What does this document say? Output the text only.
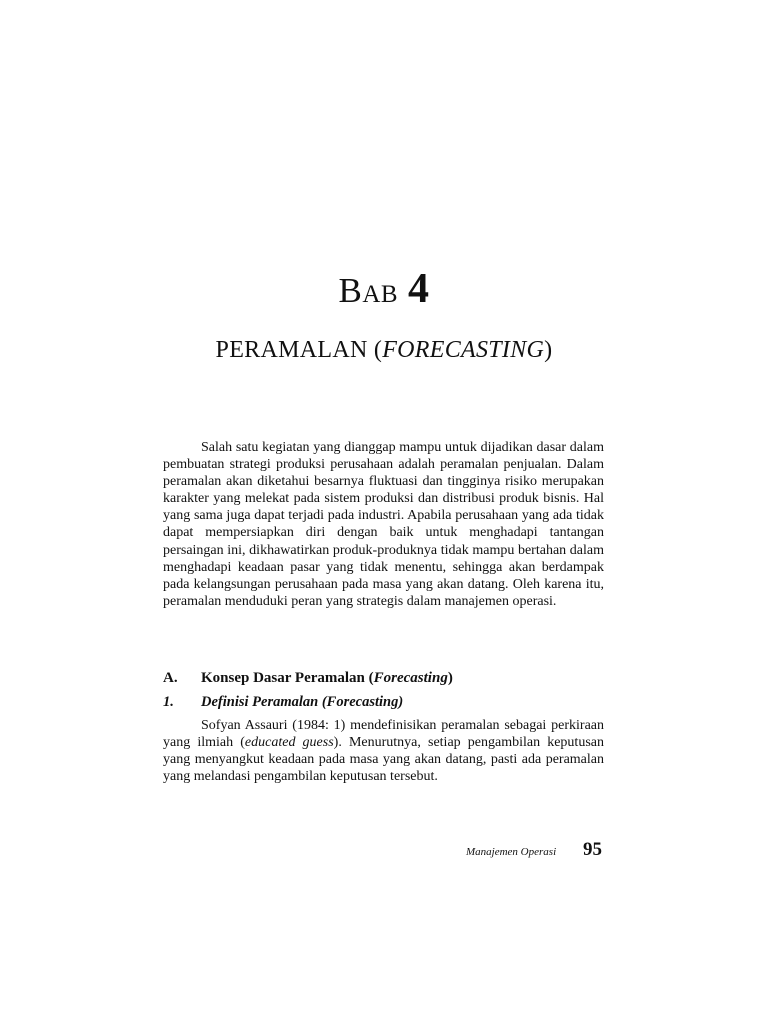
BAB 4
PERAMALAN (FORECASTING)

Salah satu kegiatan yang dianggap mampu untuk dijadikan dasar dalam pembuatan strategi produksi perusahaan adalah peramalan penjualan. Dalam peramalan akan diketahui besarnya fluktuasi dan tingginya risiko merupakan karakter yang melekat pada sistem produksi dan distribusi produk bisnis. Hal yang sama juga dapat terjadi pada industri. Apabila perusahaan yang ada tidak dapat mempersiapkan diri dengan baik untuk menghadapi tantangan persaingan ini, dikhawatirkan produk-produknya tidak mampu bertahan dalam menghadapi keadaan pasar yang tidak menentu, sehingga akan berdampak pada kelangsungan perusahaan pada masa yang akan datang. Oleh karena itu, peramalan menduduki peran yang strategis dalam manajemen operasi.

A. Konsep Dasar Peramalan (Forecasting)

1. Definisi Peramalan (Forecasting)

Sofyan Assauri (1984: 1) mendefinisikan peramalan sebagai perkiraan yang ilmiah (educated guess). Menurutnya, setiap pengambilan keputusan yang menyangkut keadaan pada masa yang akan datang, pasti ada peramalan yang melandasi pengambilan keputusan tersebut.

Manajemen Operasi 95
